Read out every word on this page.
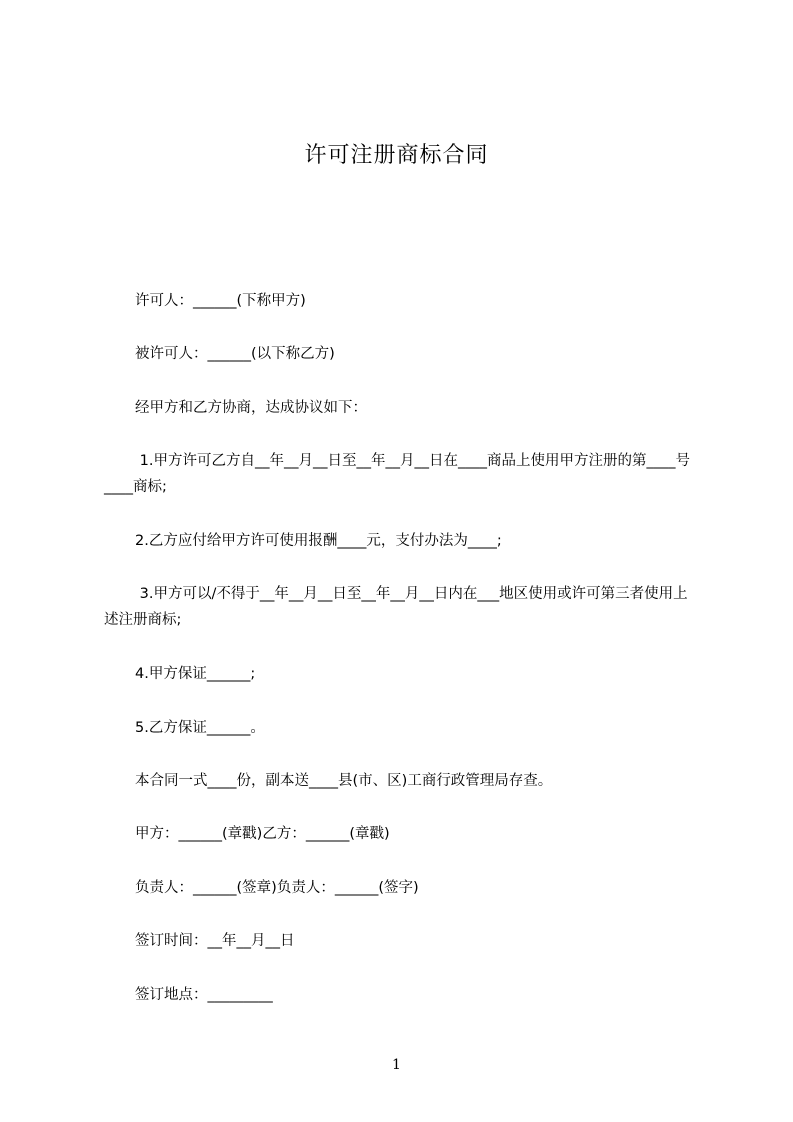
许可注册商标合同

许可人：______(下称甲方)

被许可人：______(以下称乙方)

经甲方和乙方协商，达成协议如下：

1.甲方许可乙方自__年__月__日至__年__月__日在____商品上使用甲方注册的第____号____商标;

2.乙方应付给甲方许可使用报酬____元，支付办法为____;

3.甲方可以/不得于__年__月__日至__年__月__日内在___地区使用或许可第三者使用上述注册商标;

4.甲方保证______;

5.乙方保证______。

本合同一式____份，副本送____县(市、区)工商行政管理局存查。

甲方：______(章戳)乙方：______(章戳)

负责人：______(签章)负责人：______(签字)

签订时间：__年__月__日

签订地点：_________

1
